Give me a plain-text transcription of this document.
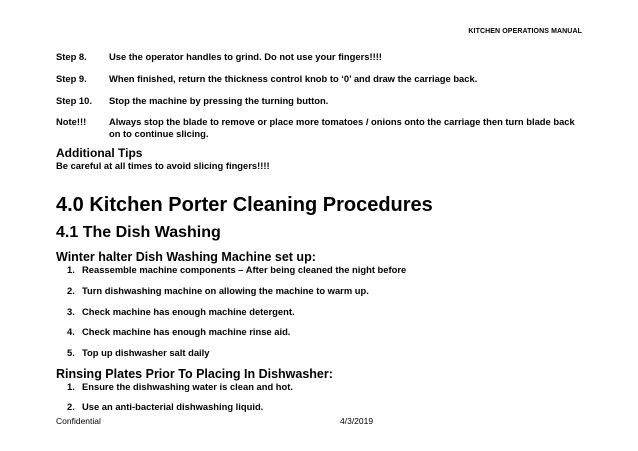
KITCHEN OPERATIONS MANUAL
Step 8. Use the operator handles to grind. Do not use your fingers!!!!
Step 9. When finished, return the thickness control knob to ‘0’ and draw the carriage back.
Step 10. Stop the machine by pressing the turning button.
Note!!! Always stop the blade to remove or place more tomatoes / onions onto the carriage then turn blade back on to continue slicing.
Additional Tips
Be careful at all times to avoid slicing fingers!!!!
4.0 Kitchen Porter Cleaning Procedures
4.1 The Dish Washing
Winter halter Dish Washing Machine set up:
1. Reassemble machine components – After being cleaned the night before
2. Turn dishwashing machine on allowing the machine to warm up.
3. Check machine has enough machine detergent.
4. Check machine has enough machine rinse aid.
5. Top up dishwasher salt daily
Rinsing Plates Prior To Placing In Dishwasher:
1. Ensure the dishwashing water is clean and hot.
2. Use an anti-bacterial dishwashing liquid.
Confidential	4/3/2019
